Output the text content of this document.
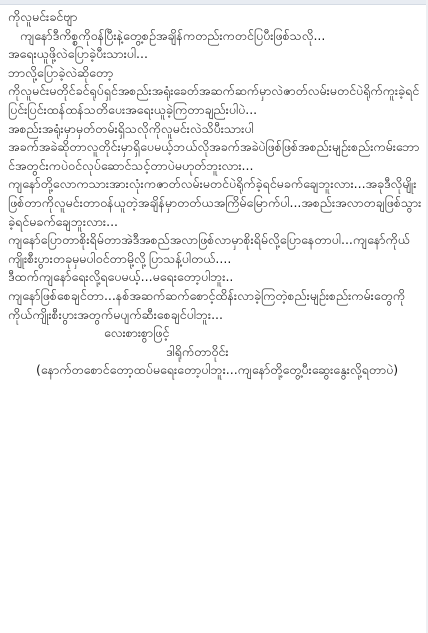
ကိုလူမင်းခင်ဗျာ

ကျနော်ဒီကိစ္စကိုဝန်ပြီးနဲ့တွေ့စဉ်အချိန်ကတည်းကတင်ပြပီးဖြစ်သလို...

အရေးယူဖို့လဲပြောခဲ့ပီးသားပါ...

ဘာလို့ပြောခဲ့လဲဆိုတော့

ကိုလူမင်းမတိုင်ခင်ရုပ်ရှင်အစည်းအရုံးခေတ်အဆက်ဆက်မှာလဲဇာတ်လမ်းမတင်ပဲရိုက်ကူးခဲ့ရင်ပြင်းပြင်းထန်ထန်သတိပေးအရေးယူခဲ့ကြတာချည်းပါပဲ...

အစည်းအရုံးမှာမှတ်တမ်းရှိသလိုကိုလူမင်းလဲသိပီးသားပါ

အခက်အခဲဆိုတာလူတိုင်းမှာရှိပေမယ့်ဘယ်လိုအခက်အခဲပဲဖြစ်ဖြစ်အစည်းမျဉ်းစည်းကမ်းဘောင်အတွင်းကပဲဝင်လုပ်ဆောင်သင့်တာပဲမဟုတ်ဘူးလား...

ကျနော်တို့လောကသားအားလုံးကဇာတ်လမ်းမတင်ပဲရိုက်ခဲ့ရင်မခက်ချေဘူးလား...အခုဒီလိုမျိုးဖြစ်တာကိုလူမင်းတာဝန်ယူတဲ့အချိန်မှာတတ်ယအကြိမ်မြောက်ပါ...အစည်းအလာတချဖြစ်သွားခဲ့ရင်မခက်ချေဘူးလား...

ကျနော်ပြောတာစိုးရိမ်တာအဲဒီအစည်အလာဖြစ်လာမှာစိုးရိမ်လို့ပြောနေတာပါ...ကျနော်ကိုယ်ကျိုးစီးပွားတခုမှမပါဝင်တာမို့လို့ပြာသန့်ပါတယ်....

ဒီထက်ကျနော်ရေးလို့ရပေမယ့်...မရေးတော့ပါဘူး..

ကျနော်ဖြစ်စေချင်တာ...နစ်အဆက်ဆက်စောင့်ထိန်းလာခဲ့ကြတဲ့စည်းမျဉ်းစည်းကမ်းတွေကို

ကိုယ်ကျိုးစီးပွားအတွက်မပျက်ဆီးစေချင်ပါဘူး...

လေးစားစွာဖြင့်

ဒါရိုက်တာဝိုင်း

(နောက်တစောင်တော့ထပ်မရေးတော့ပါဘူး...ကျနော်တို့တွေ့ပီးဆွေးနွေးလို့ရတာပဲ)
